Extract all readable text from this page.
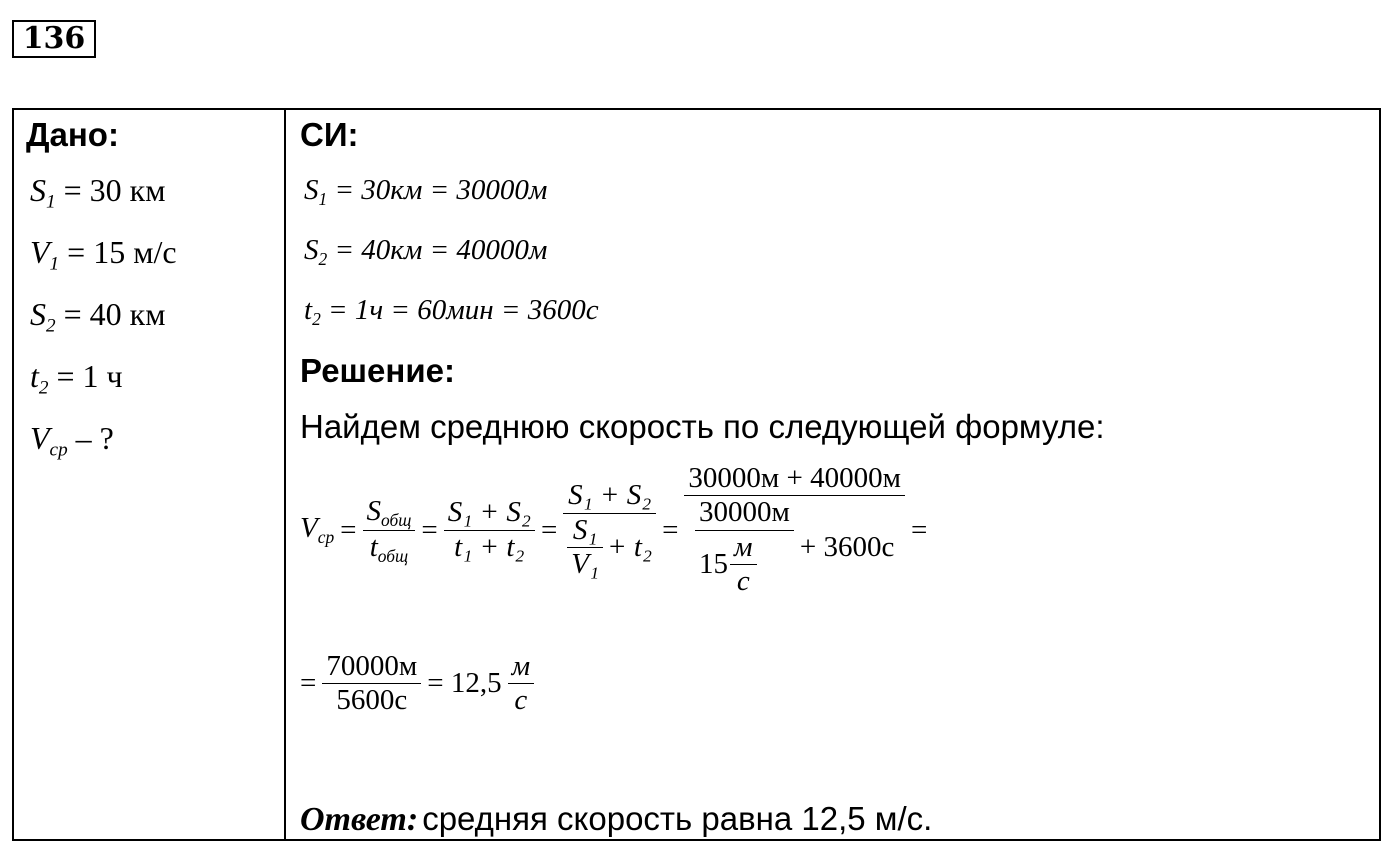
136
Дано:
$S_1 = 30$ км
$V_1 = 15$ м/с
$S_2 = 40$ км
$t_2 = 1$ ч
$V_{ср}$ – ?
СИ:
$S_1 = 30км = 30000м$
$S_2 = 40км = 40000м$
$t_2 = 1ч = 60мин = 3600с$
Решение:
Найдем среднюю скорость по следующей формуле:
$V_{ср} = \frac{S_{общ}}{t_{общ}} = \frac{\text{S₁ + S₂}}{\text{t₁ + t₂}} = \frac{\text{S₁ + S₂}}{\frac{\text{S₁}}{\text{V₁}} + t_2}$ =
30000м + 40000м
$\frac{30000м}{15 \frac{м}{с}} + 3600с$
=
= $\frac{70000м}{5600с} = 12,5 \frac{м}{с}$
Ответ: средняя скорость равна 12,5 м/с.
